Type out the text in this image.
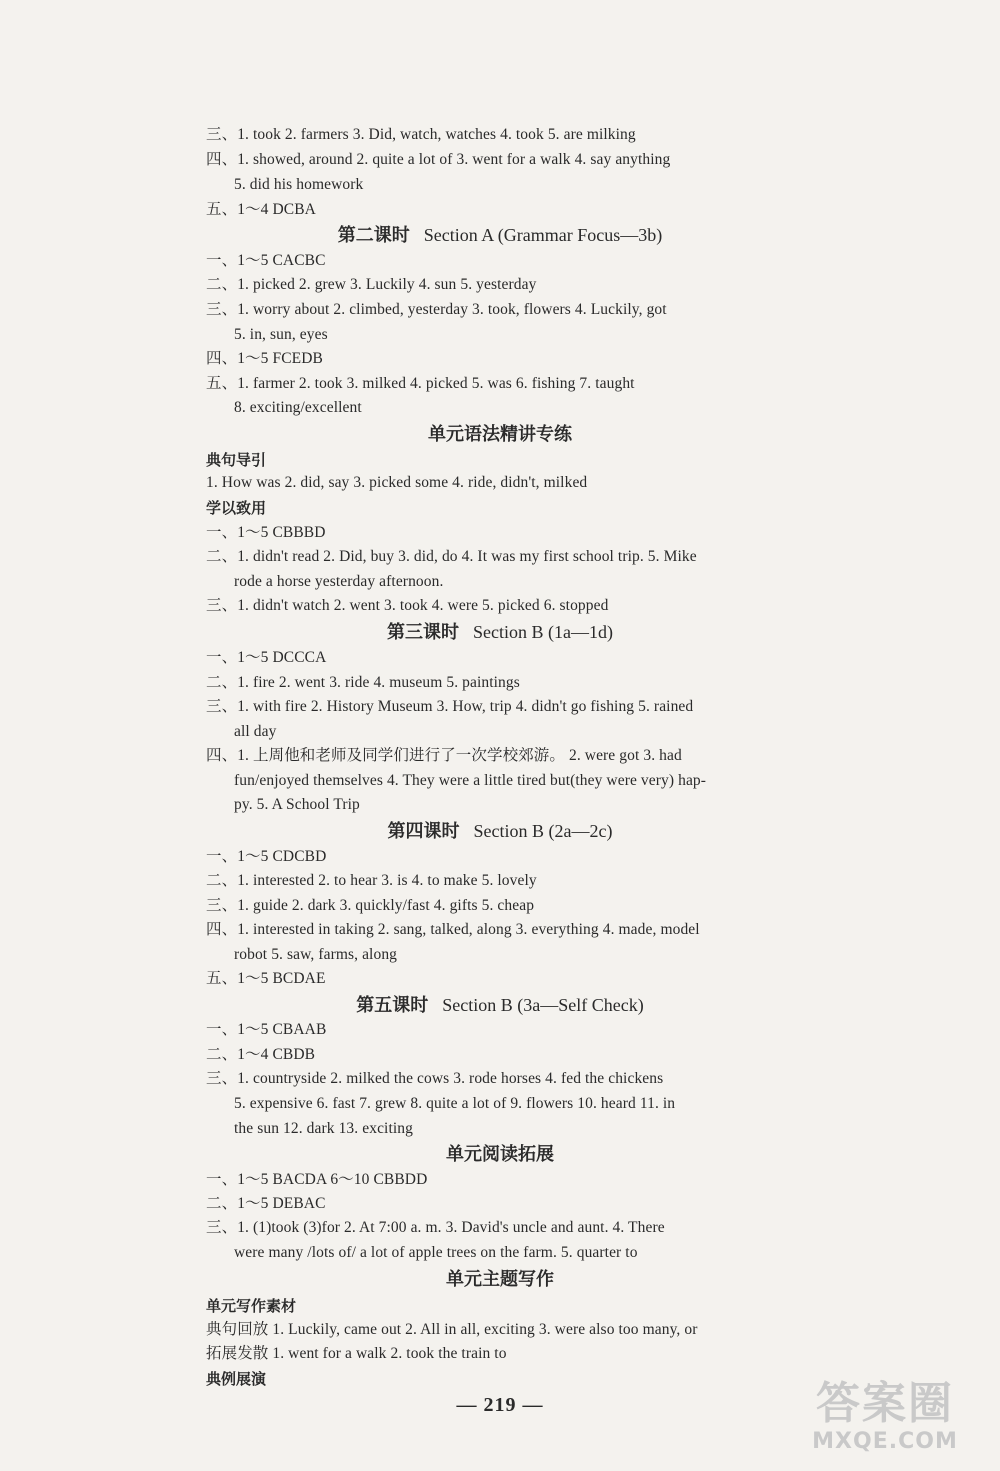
三、1. took 2. farmers 3. Did, watch, watches 4. took 5. are milking
四、1. showed, around 2. quite a lot of 3. went for a walk 4. say anything
5. did his homework
五、1～4 DCBA
第二课时 Section A (Grammar Focus—3b)
一、1～5 CACBC
二、1. picked 2. grew 3. Luckily 4. sun 5. yesterday
三、1. worry about 2. climbed, yesterday 3. took, flowers 4. Luckily, got
5. in, sun, eyes
四、1～5 FCEDB
五、1. farmer 2. took 3. milked 4. picked 5. was 6. fishing 7. taught
8. exciting/excellent
单元语法精讲专练
典句导引
1. How was 2. did, say 3. picked some 4. ride, didn't, milked
学以致用
一、1～5 CBBBD
二、1. didn't read 2. Did, buy 3. did, do 4. It was my first school trip. 5. Mike
rode a horse yesterday afternoon.
三、1. didn't watch 2. went 3. took 4. were 5. picked 6. stopped
第三课时 Section B (1a—1d)
一、1～5 DCCCA
二、1. fire 2. went 3. ride 4. museum 5. paintings
三、1. with fire 2. History Museum 3. How, trip 4. didn't go fishing 5. rained
all day
四、1. 上周他和老师及同学们进行了一次学校郊游。 2. were got 3. had
fun/enjoyed themselves 4. They were a little tired but(they were very) hap-
py. 5. A School Trip
第四课时 Section B (2a—2c)
一、1～5 CDCBD
二、1. interested 2. to hear 3. is 4. to make 5. lovely
三、1. guide 2. dark 3. quickly/fast 4. gifts 5. cheap
四、1. interested in taking 2. sang, talked, along 3. everything 4. made, model
robot 5. saw, farms, along
五、1～5 BCDAE
第五课时 Section B (3a—Self Check)
一、1～5 CBAAB
二、1～4 CBDB
三、1. countryside 2. milked the cows 3. rode horses 4. fed the chickens
5. expensive 6. fast 7. grew 8. quite a lot of 9. flowers 10. heard 11. in
the sun 12. dark 13. exciting
单元阅读拓展
一、1～5 BACDA 6～10 CBBDD
二、1～5 DEBAC
三、1. (1)took (3)for 2. At 7:00 a. m. 3. David's uncle and aunt. 4. There
were many /lots of/ a lot of apple trees on the farm. 5. quarter to
单元主题写作
单元写作素材
典句回放 1. Luckily, came out 2. All in all, exciting 3. were also too many, or
拓展发散 1. went for a walk 2. took the train to
典例展演
— 219 —	答案圈
MXQE.COM
